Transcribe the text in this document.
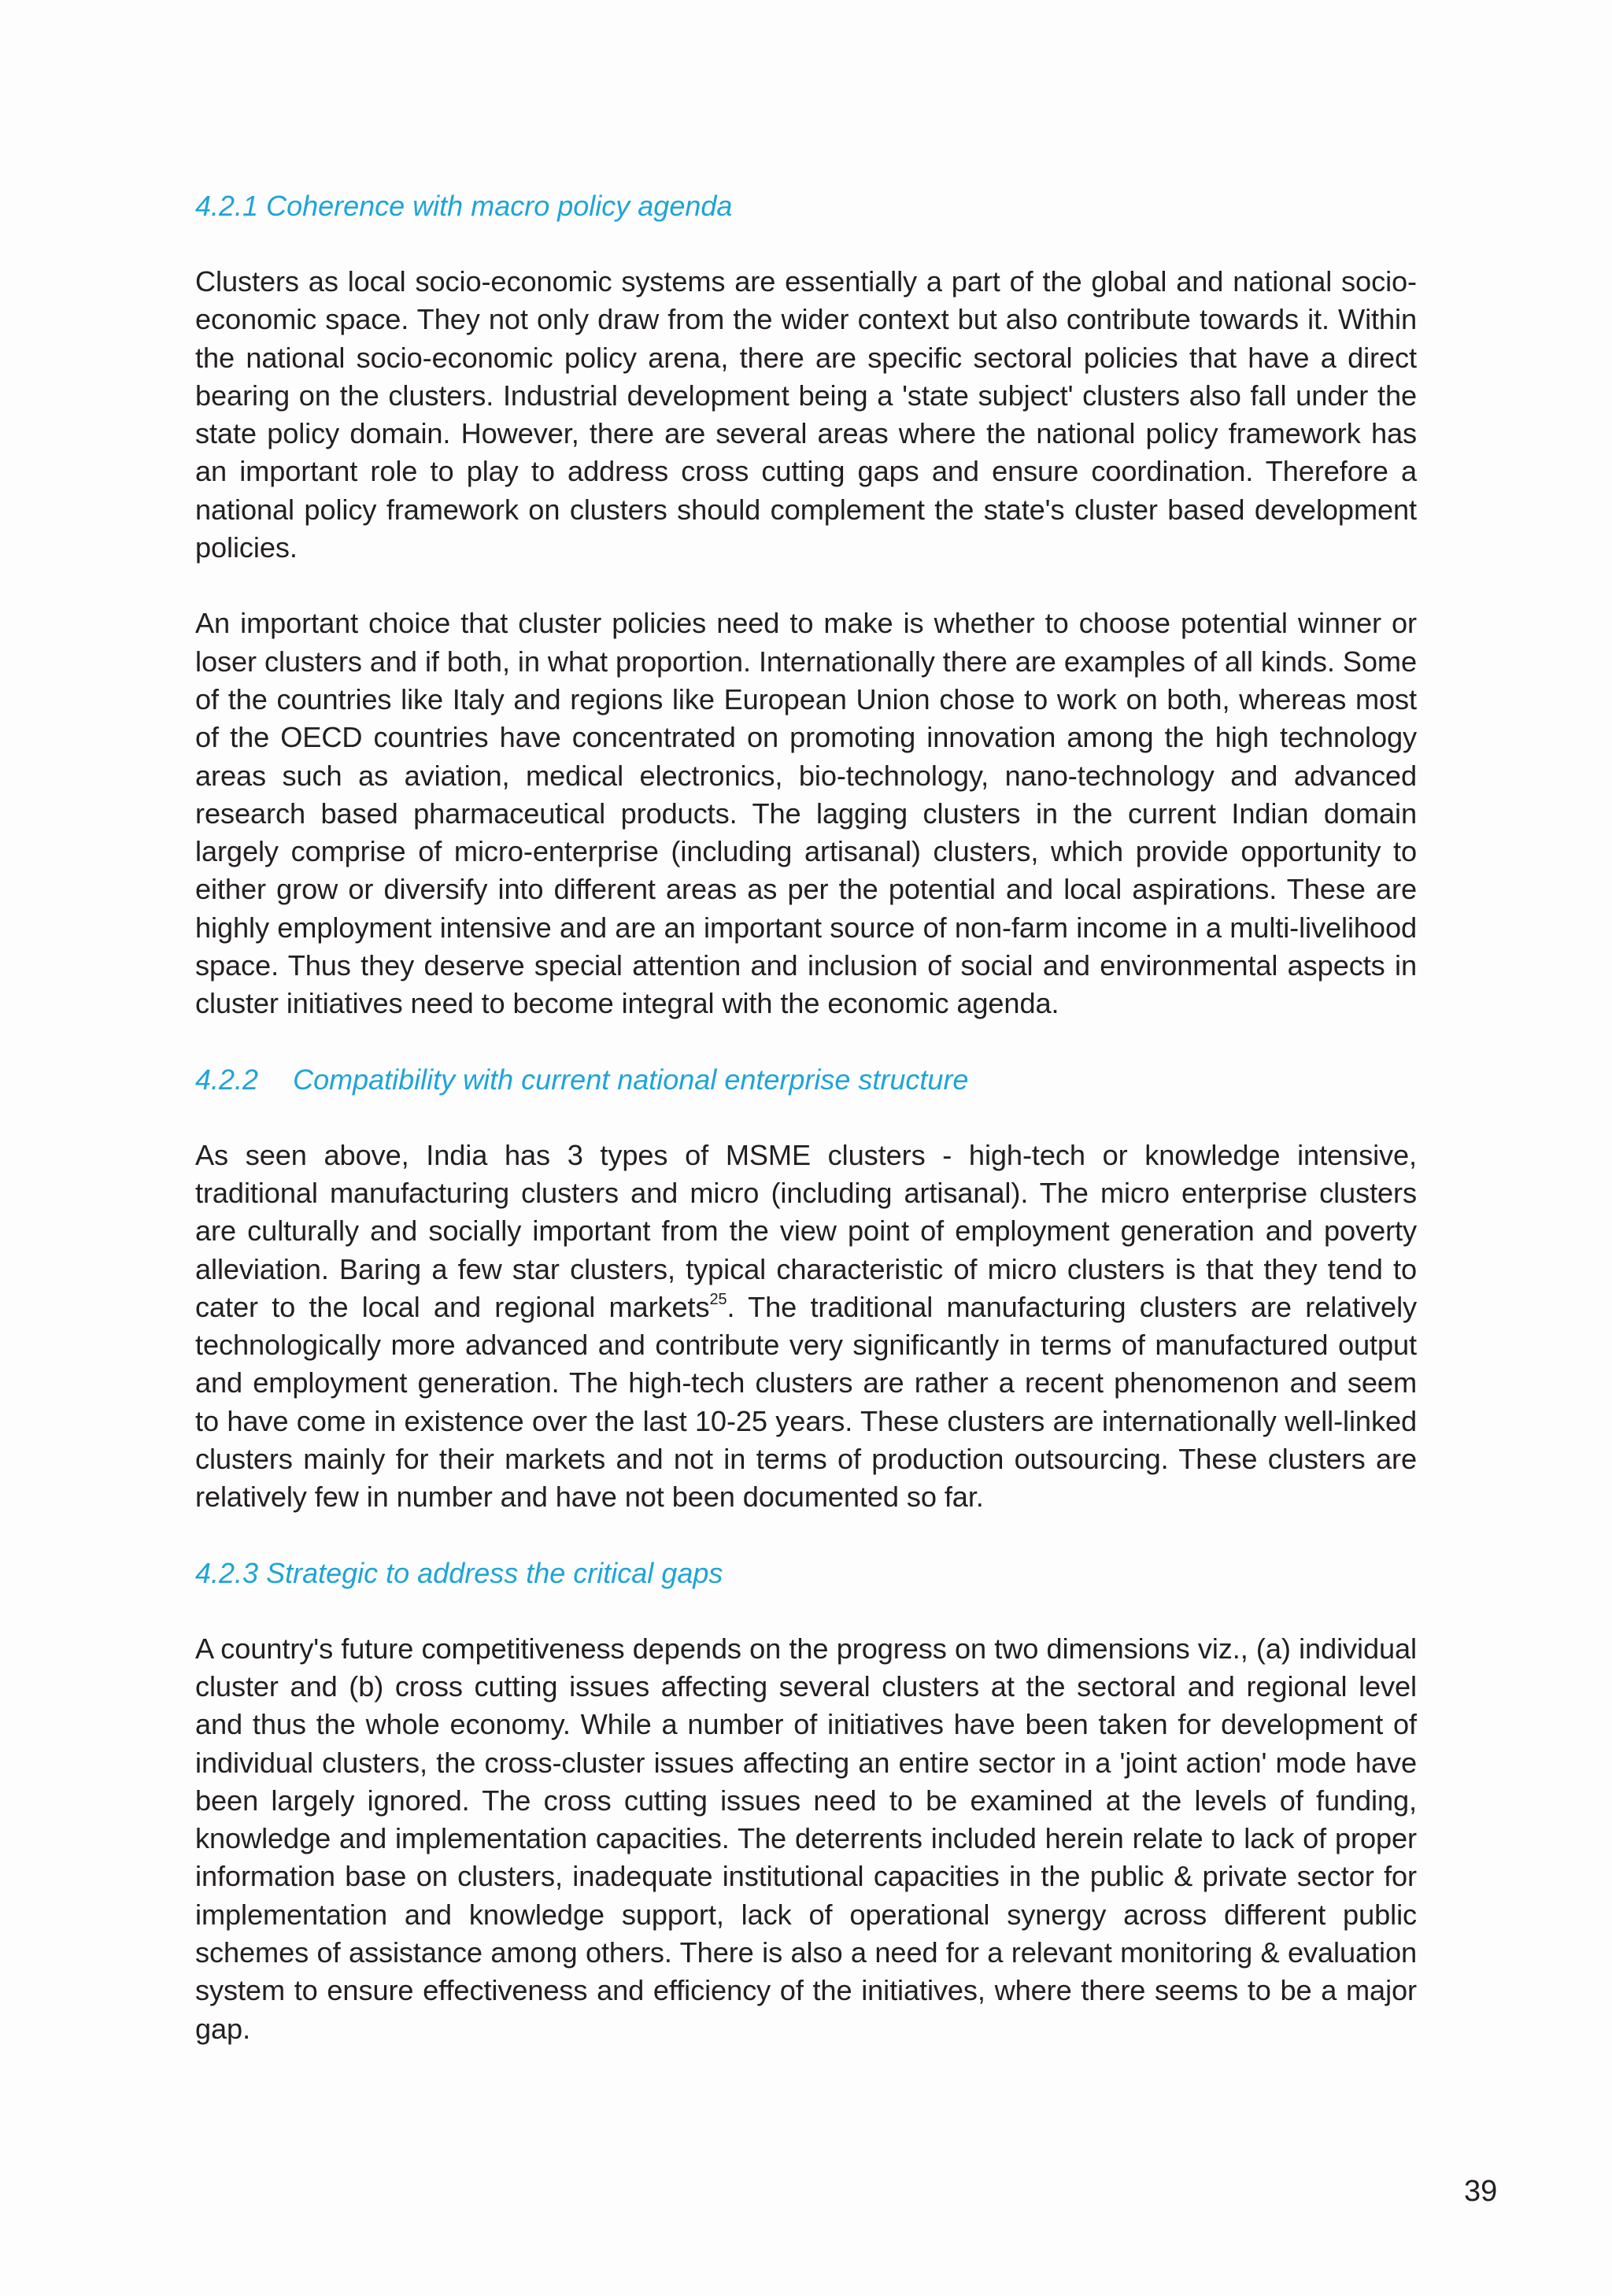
4.2.1 Coherence with macro policy agenda

Clusters as local socio-economic systems are essentially a part of the global and national socio-economic space. They not only draw from the wider context but also contribute towards it. Within the national socio-economic policy arena, there are specific sectoral policies that have a direct bearing on the clusters. Industrial development being a 'state subject' clusters also fall under the state policy domain. However, there are several areas where the national policy framework has an important role to play to address cross cutting gaps and ensure coordination. Therefore a national policy framework on clusters should complement the state's cluster based development policies.

An important choice that cluster policies need to make is whether to choose potential winner or loser clusters and if both, in what proportion. Internationally there are examples of all kinds. Some of the countries like Italy and regions like European Union chose to work on both, whereas most of the OECD countries have concentrated on promoting innovation among the high technology areas such as aviation, medical electronics, bio-technology, nano-technology and advanced research based pharmaceutical products. The lagging clusters in the current Indian domain largely comprise of micro-enterprise (including artisanal) clusters, which provide opportunity to either grow or diversify into different areas as per the potential and local aspirations. These are highly employment intensive and are an important source of non-farm income in a multi-livelihood space. Thus they deserve special attention and inclusion of social and environmental aspects in cluster initiatives need to become integral with the economic agenda.

4.2.2 Compatibility with current national enterprise structure

As seen above, India has 3 types of MSME clusters - high-tech or knowledge intensive, traditional manufacturing clusters and micro (including artisanal). The micro enterprise clusters are culturally and socially important from the view point of employment generation and poverty alleviation. Baring a few star clusters, typical characteristic of micro clusters is that they tend to cater to the local and regional markets$^{25}$. The traditional manufacturing clusters are relatively technologically more advanced and contribute very significantly in terms of manufactured output and employment generation. The high-tech clusters are rather a recent phenomenon and seem to have come in existence over the last 10-25 years. These clusters are internationally well-linked clusters mainly for their markets and not in terms of production outsourcing. These clusters are relatively few in number and have not been documented so far.

4.2.3 Strategic to address the critical gaps

A country's future competitiveness depends on the progress on two dimensions viz., (a) individual cluster and (b) cross cutting issues affecting several clusters at the sectoral and regional level and thus the whole economy. While a number of initiatives have been taken for development of individual clusters, the cross-cluster issues affecting an entire sector in a 'joint action' mode have been largely ignored. The cross cutting issues need to be examined at the levels of funding, knowledge and implementation capacities. The deterrents included herein relate to lack of proper information base on clusters, inadequate institutional capacities in the public & private sector for implementation and knowledge support, lack of operational synergy across different public schemes of assistance among others. There is also a need for a relevant monitoring & evaluation system to ensure effectiveness and efficiency of the initiatives, where there seems to be a major gap.

39
